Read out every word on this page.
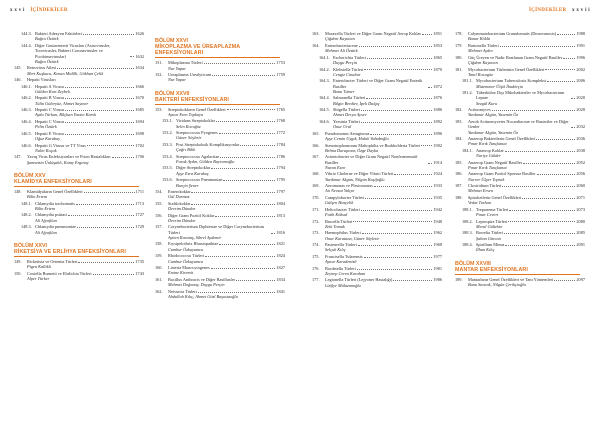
x x v i İÇİNDEKİLER
144.3. Bakteri Adezyon Faktörleri	1626
Buğra Öztürk
144.4. Diğer Gastroenterit Virusları (Astrovirusler, Torovirusler, Bakteri Coronavirusler ve Picobirnaviruslar)	1632
Buğra Öztürk
145.	Retrovirus Ailesi	1634
Mert Kuşkucu, Kenan Midilli, Gökhan Çelik
146.	Hepatit Virusları
146.1. Hepatit A Virusu	1666
Gülden Kurt Zeybek
146.2. Hepatit B Virusu	1670
Tülin Güleryüz, Ahmet Sayıner
146.3. Hepatit C Virusu	1685
Ayda Türkan, Bilçhan Yassin Karslı
146.4. Hepatit C Virusu	1694
Pelin Öztürk
146.5. Hepatit E Virusu	1698
Oğuz Karabay
146.6. Hepatit G Virusu ve TT Virus	1702
Nalin Koçak
147.	Yavaş Virus Enfeksiyonları ve Prion Hastalıkları	1706
Şamsettin Ünlüşahlı, Komy Erginay
BÖLÜM XXV
KLAMİDYA ENFEKSİYONLARI
148.	Klamidyaların Genel Özellikleri	1711
Bilin Ertem
148.1. Chlamydia trachomatis	1713
Bilin Ertem
148.2. Chlamydia psittaci	1727
Ali Afyafilan
148.3. Chlamydia pneumoniae	1729
Ali Afyafilan
BÖLÜM XXVI
RİKETSİYA VE ERLİHYA ENFEKSİYONLARI
149.	Rickettsia ve Orientia Türleri	1735
Pigen Kallıkli
150.	Coxiella Burnetii ve Ehrlichia Türleri	1743
Alper Türker
BÖLÜM XXVI
MİKOPLAZMA VE ÜREAPLAZMA ENFEKSİYONLARI
151.	Mikoplazma Türleri	1753
Nur Yapar
152.	Ureaplasma Urealyticum	1759
Nur Yapar
BÖLÜM XXVII
BAKTERİ ENFEKSİYONLARI
153.	Streptokokların Genel Özellikleri	1765
Aynur Eren Topkaya
153.1. Viridans Streptokoklar	1768
Selin Kocağöz
153.2. Streptococcus Pyogenes	1772
Güner Söyletir
153.3. Post Streptokoksik Komplikasyonlar	1784
Çağrı Bilik
153.4. Streptococcus Agalactiae	1786
Faruk Aydın, Gülden Bayramoğlu
153.5. Diğer Streptokoklar	1794
Ayşe Esra Karakoç
153.6. Streptococcus Pneumoniae	1795
Burçin Şener
154.	Enterokoklar	1797
Gül Durmaz
155.	Stafilokoklar	1804
Devrim Dündar
156.	Diğer Gram Pozitif Koklar	1813
Devrim Dündar
157.	Corynebacterium Diphteriae ve Diğer Corynebacterium Türleri	1816
Aytten Karataş, Sibrel Aydemir
158.	Erysipelothrix Rhusiopathiae	1821
Cumhur Özkuyumcu
159.	Rhodococcus Türleri	1824
Cumhur Özkuyumcu
160.	Listeria Monocytogenes	1827
Emine Kiremit
161.	Bacillus Anthracis ve Diğer Basillusler	1834
Mehmet Doğanay, Duygu Perçin
162.	Neisseria Türleri	1841
Abdullah Kılıç, Ahmet Gözl Başustaoğlu
İÇİNDEKİLER x x v i i
163.	Moraxella Türleri ve Diğer Gram Negatif Aerop Koklar	1851
Çiğdem Kayacan
164.	Enterobacteriaceae	1853
Mehmet Ali Öztürk
164.1. Escherichia Türleri	1865
Duygu Perçin
164.2. Klebsiella Türleri	1870
Cengiz Cinaltar
164.3. Enterobacter Türleri ve Diğer Gram Negatif Enterik Basiller	1872
Banu Tümer
164.4. Salmonella Türleri	1876
Bilgin Berdiev, İpek Dalgıç
164.5. Shigella Türleri	1886
Ahmet Derya Aysev
164.6. Yersinia Türleri	1892
Onur Ural
165.	Pseudomonas Aeruginosa	1896
Ayşe Cemin Uygık, Haluk Vahaboğlu
166.	Stenotrophomonas Maltophilia ve Burkholderia Türleri	1902
Belma Durupınar, Özge Dayka
167.	Acinetobacter ve Diğer Gram Negatif Nonfermentatif Basiller	1914
Nuran Esen
168.	Vibrio Cholerae ve Diğer Vibrio Türleri	1924
Yurdanur Akgün, Nilgün Kaşifoğlu
169.	Aeromonas ve Plesiomonas	1933
Atı Nevzat Yalçın
170.	Campylobacter Türleri	1935
Gülşen Hasçelik
171.	Helicobacter Türleri	1942
Fatih Köksal
172.	Brucella Türleri	1948
Zeki Tomak
173.	Haemophilus Türleri	1962
Onur Karatuna, Güner Söyletir
174.	Pasteurella Türleri	1968
Selçuk Kılıç
175.	Francisella Tularensis	1977
Aynur Karadenizli
176.	Bordetella Türleri	1981
Zeynep Ceren Karahan
177.	Legionella Türleri (Lejyoner Hastalığı)	1986
Lütfiye Mülazımoğlu
178.	Calymmatobacterium Granulomatis (Donovanosis)	1988
Banur Köklü
179.	Bartonella Türleri	1991
Mehmet Aydın
180.	Güç Üreyen ve Nadir Rastlanan Gram Negatif Basiller	1996
Çiğdem Kayacan
181.	Mycobacterium Türlerinin Genel Özellikleri	2002
Tanıl Kocagöz
181.1. Mycobacterium Tuberculosis Kompleksi	2006
Müsemmer Ülşik İbadörçin
181.2. Tüberküloz Dışı Mikobakteriler ve Mycobacterium Leprae	2020
Sezgül Kuru
182.	Actinomyces	2028
Yurdanur Akgün, Yasemin Öz
183.	Aerob Actinomycetes Nocardiaceae ve Basteriler ve Diğer Genler	2032
Yurdanur Akgün, Yasemin Öz
184.	Anaerop Bakterilerin Genel Özellikleri	2036
Pınar Kırık Tunçkanat
184.1. Anaerop Koklar	2038
Nuriye Gülder
185.	Anaerop Gram Negatif Basiller	2052
Pınar Kırık Tunçkanat
186.	Anaerop Gram Pozitif Sporsuz Basiller	2056
Nurver Ülger Toprak
187.	Clostridium Türleri	2060
Mehmet Ersen
188.	Spiroketlerin Genel Özellikleri	2071
Vedat Turhan
188.1. Treponema Türleri	2073
Pınar Cevert
188.2. Leptospira Türleri	2080
Meral Gültekin
188.3. Borrelia Türleri	2085
Şaban Gürcan
188.4. Spirillum Minus	2091
İlhan Kılıç
BÖLÜM XXVIII
MANTAR ENFEKSİYONLARI
189.	Mantarların Genel Özellikleri ve Tanı Yöntemleri	2097
Banu Sancak, Nilgün Çerikçioğlu
